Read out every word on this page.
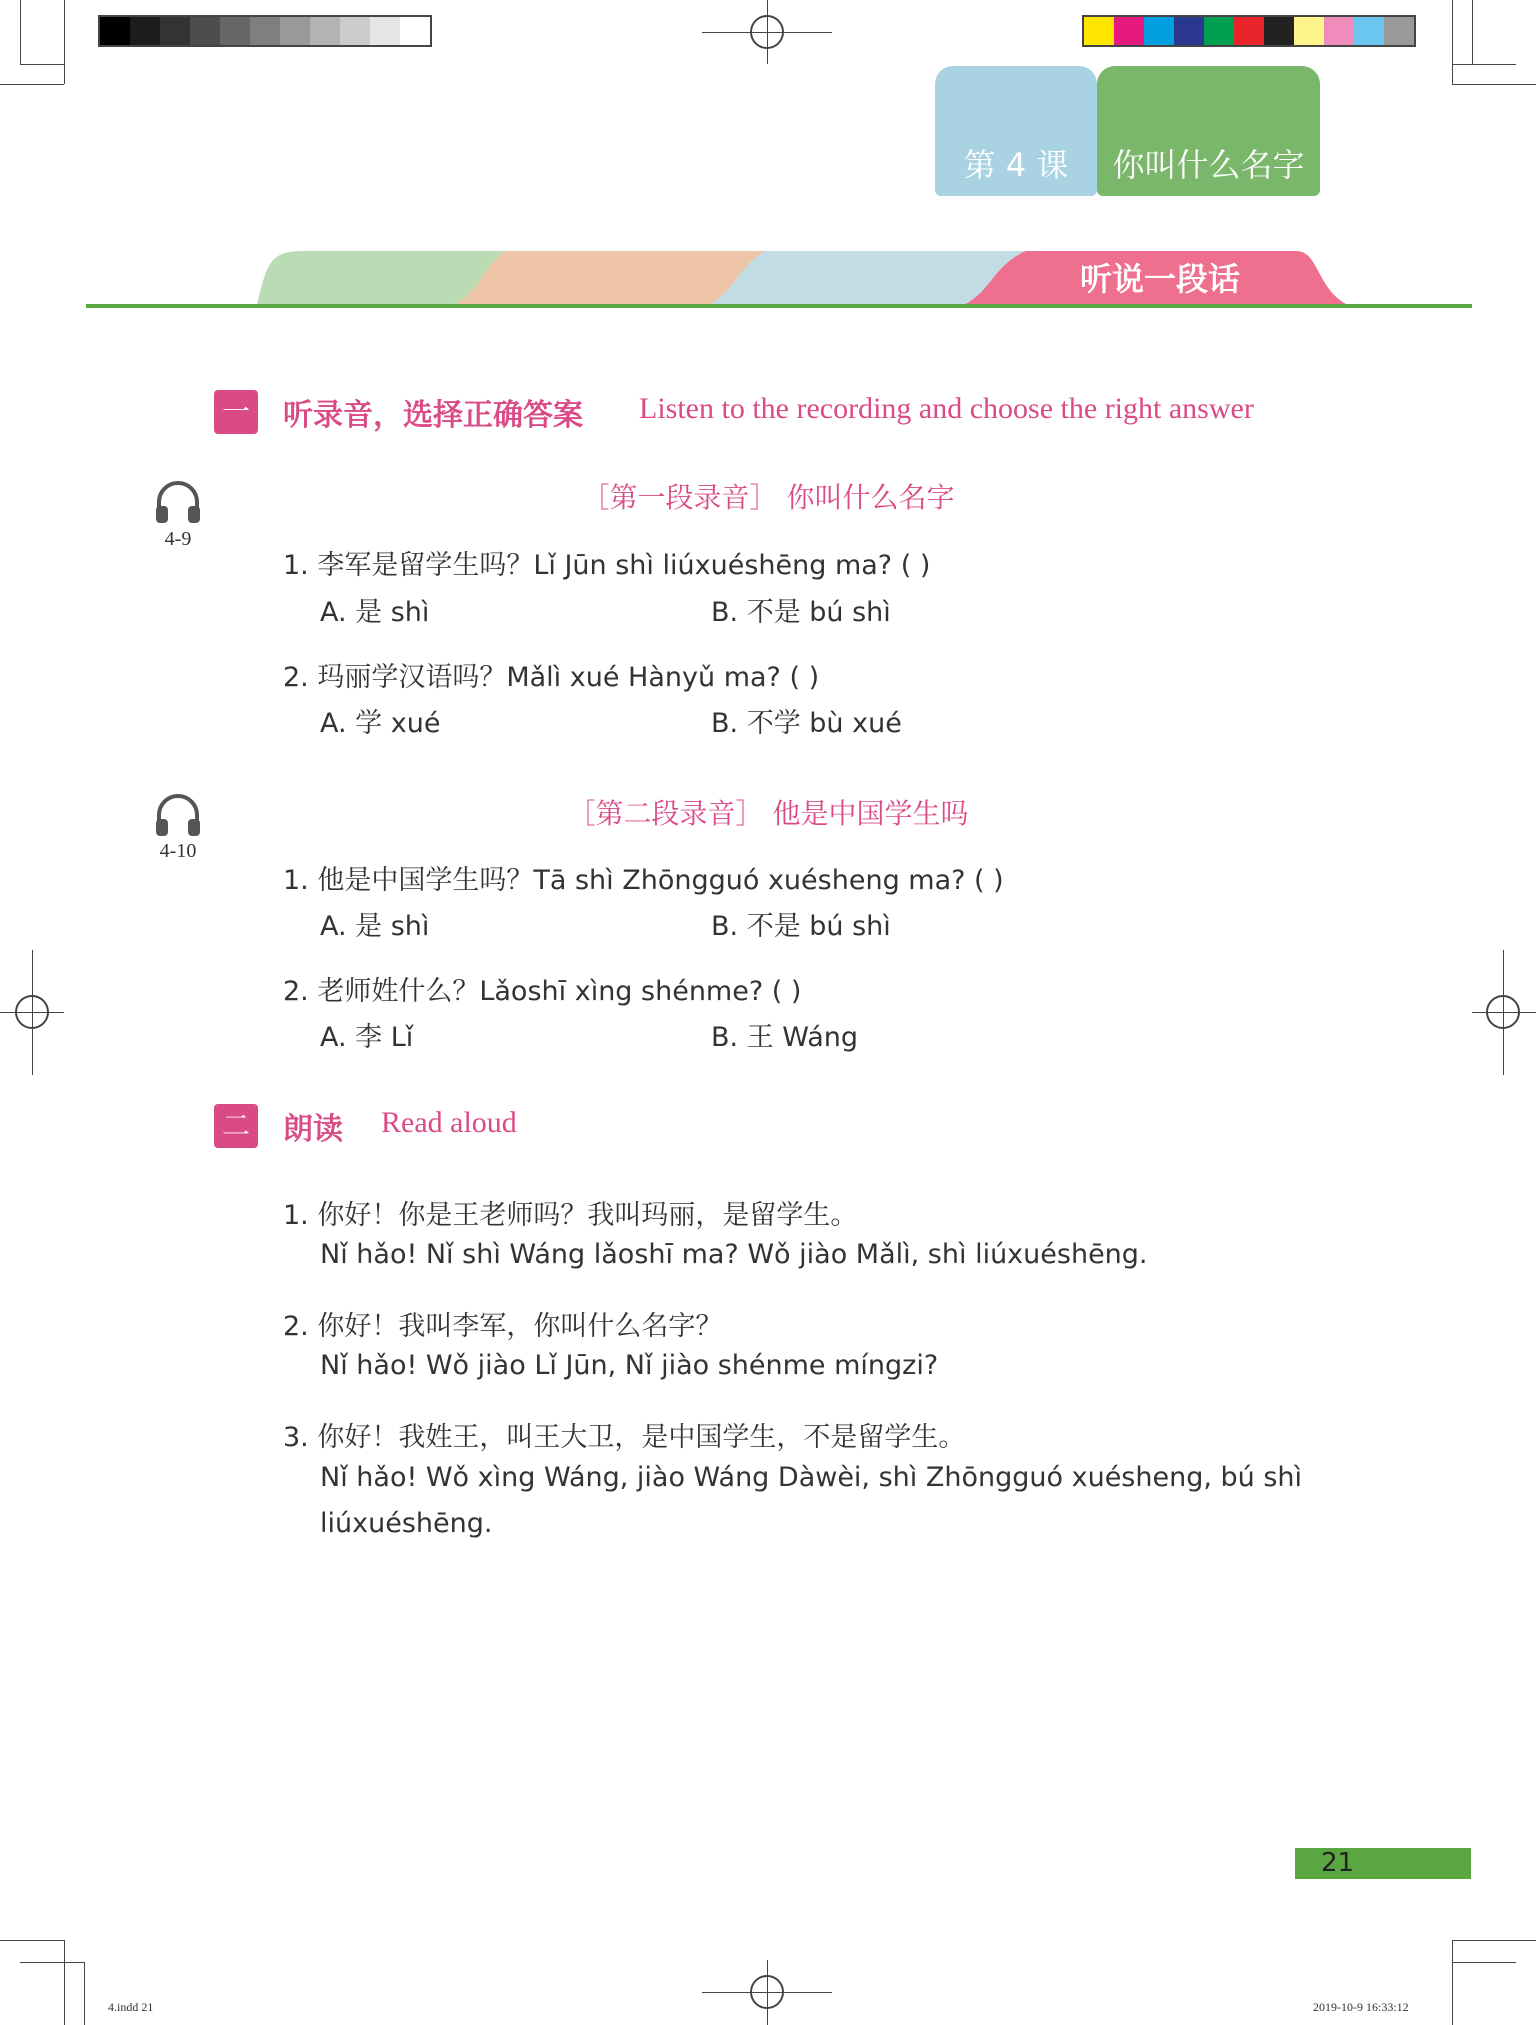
第 4 课 你叫什么名字
听说一段话
一 听录音，选择正确答案 Listen to the recording and choose the right answer
4-9
［第一段录音］ 你叫什么名字
1. 李军是留学生吗？Lǐ Jūn shì liúxuéshēng ma? ( )
A. 是 shì	B. 不是 bú shì
2. 玛丽学汉语吗？Mǎlì xué Hànyǔ ma? ( )
A. 学 xué	B. 不学 bù xué
4-10
［第二段录音］ 他是中国学生吗
1. 他是中国学生吗？Tā shì Zhōngguó xuésheng ma? ( )
A. 是 shì	B. 不是 bú shì
2. 老师姓什么？Lǎoshī xìng shénme? ( )
A. 李 Lǐ	B. 王 Wáng
二 朗读 Read aloud
1. 你好！你是王老师吗？我叫玛丽，是留学生。
Nǐ hǎo! Nǐ shì Wáng lǎoshī ma? Wǒ jiào Mǎlì, shì liúxuéshēng.
2. 你好！我叫李军，你叫什么名字？
Nǐ hǎo! Wǒ jiào Lǐ Jūn, Nǐ jiào shénme míngzi?
3. 你好！我姓王，叫王大卫，是中国学生，不是留学生。
Nǐ hǎo! Wǒ xìng Wáng, jiào Wáng Dàwèi, shì Zhōngguó xuésheng, bú shì
liúxuéshēng.
21
4.indd 21	2019-10-9 16:33:12
